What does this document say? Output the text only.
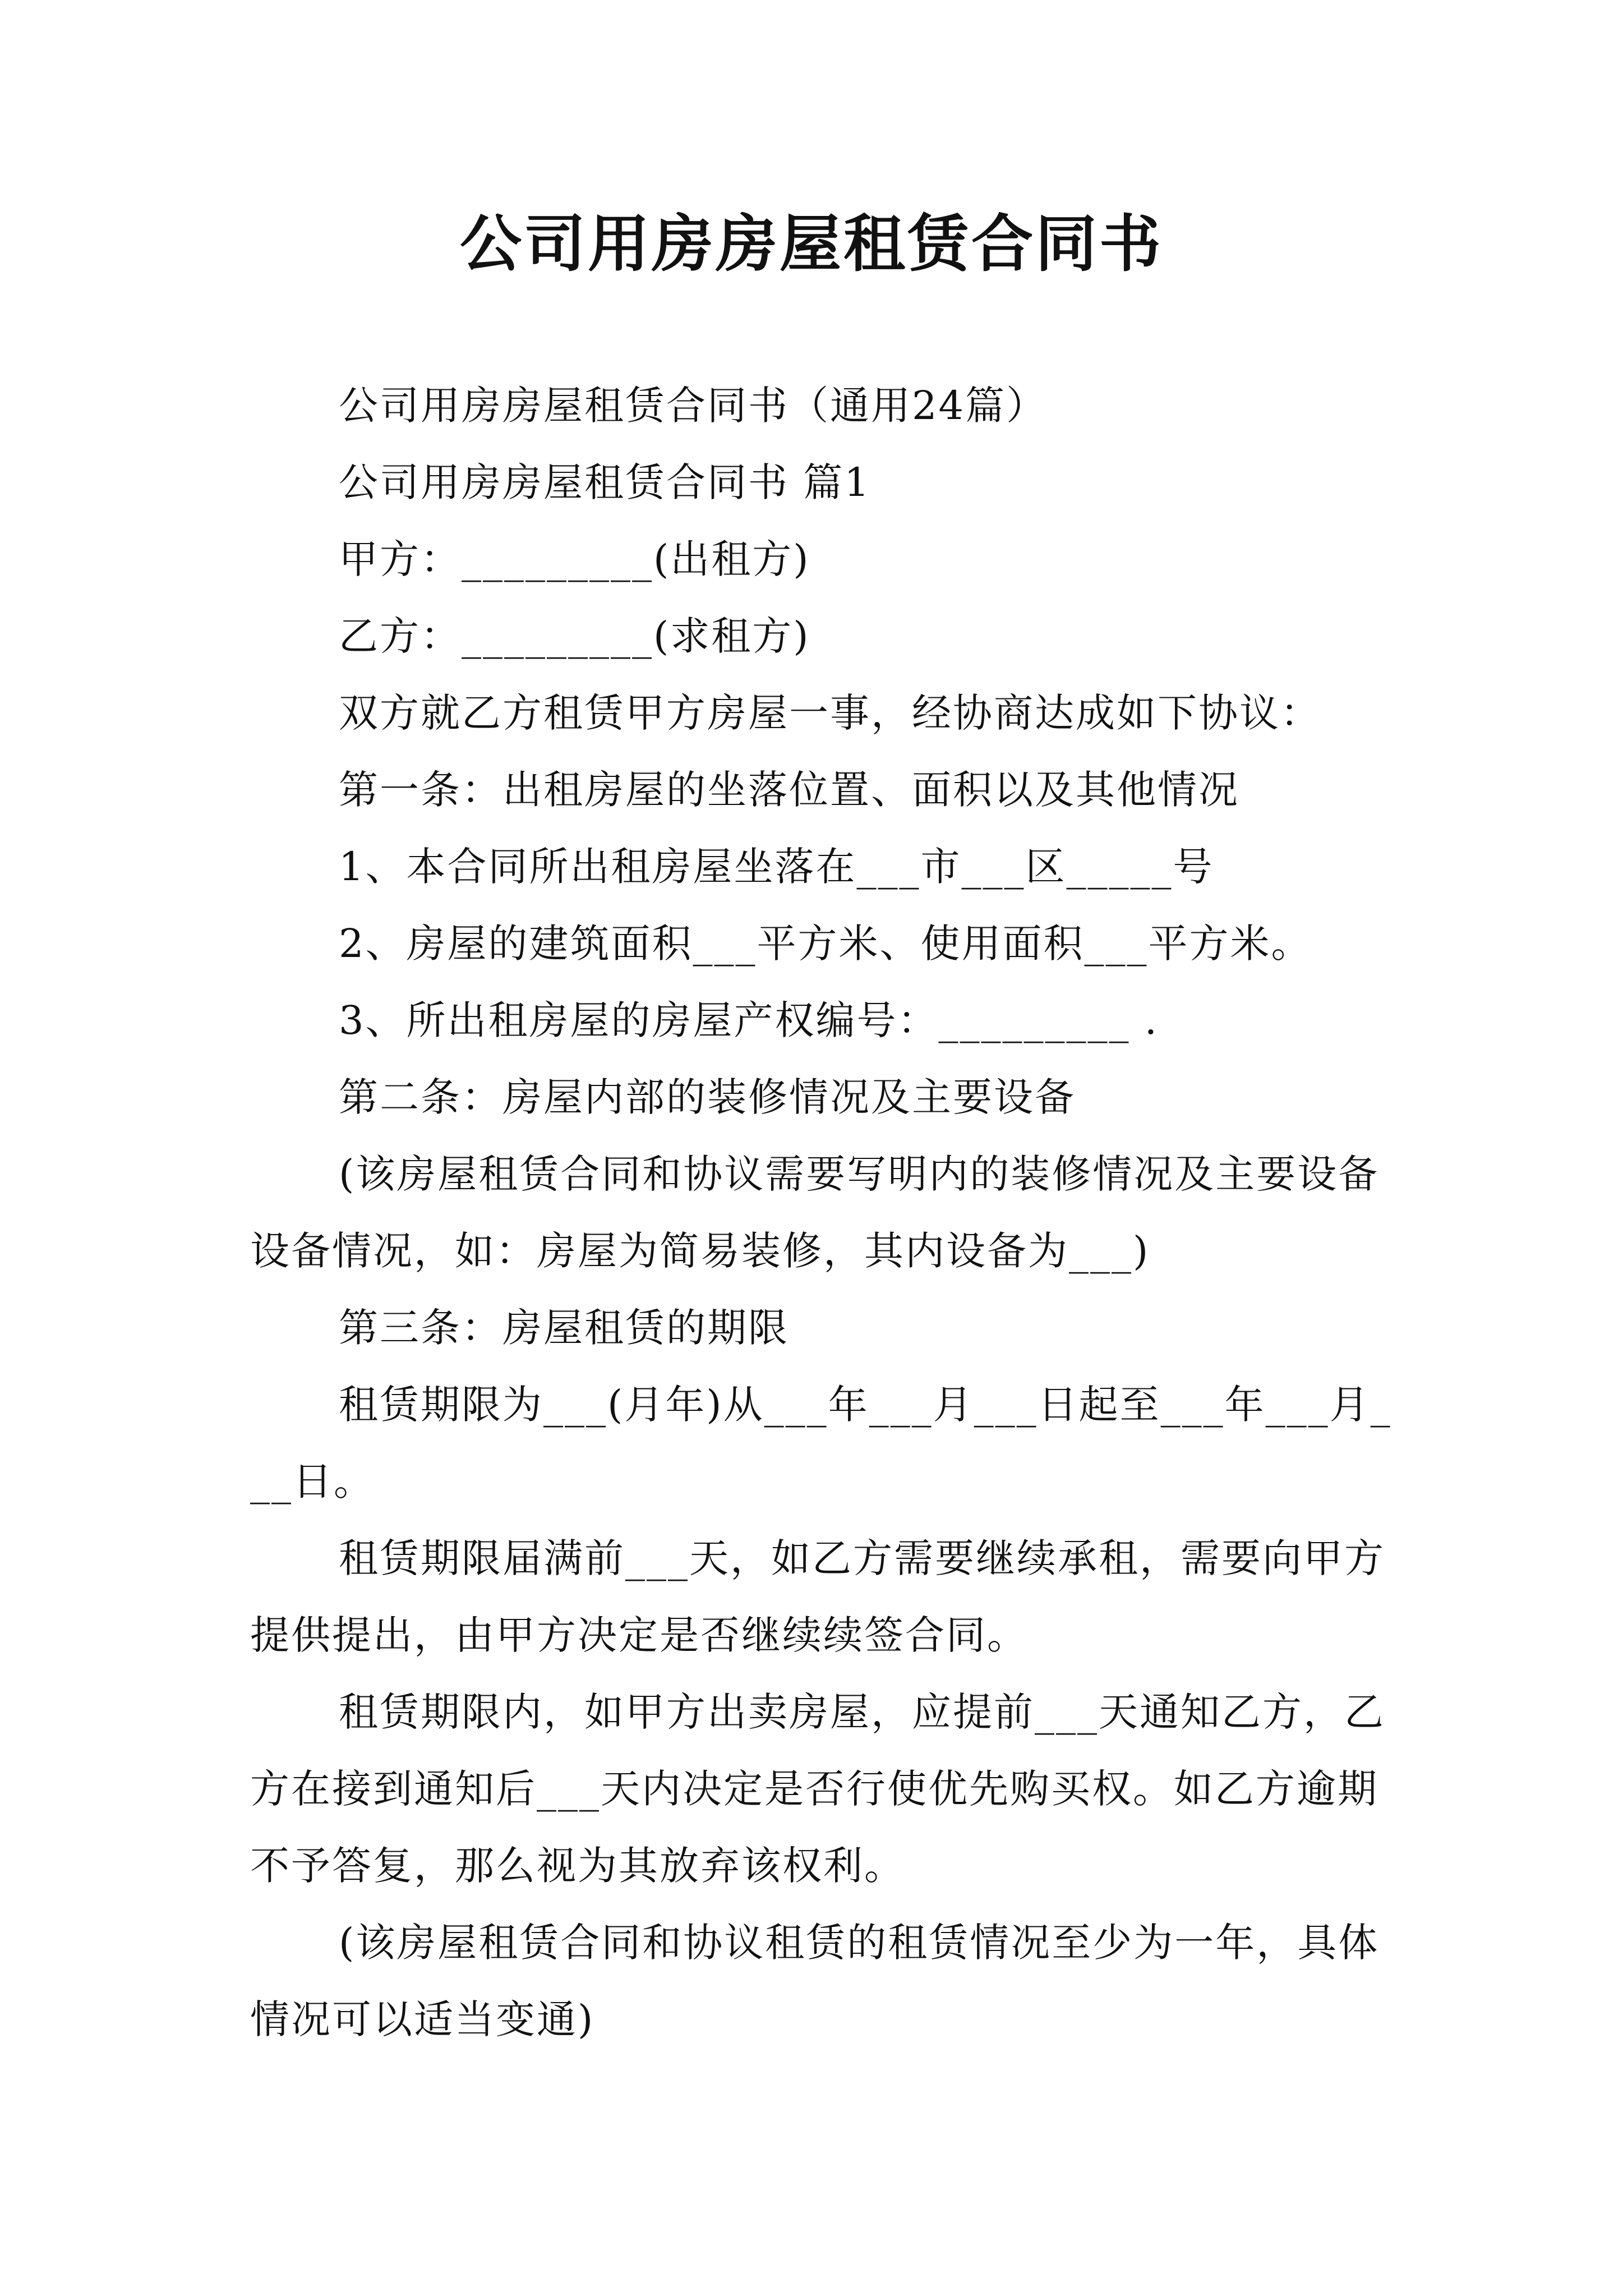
公司用房房屋租赁合同书

公司用房房屋租赁合同书（通用24篇）

公司用房房屋租赁合同书 篇1

甲方：_________(出租方)

乙方：_________(求租方)

双方就乙方租赁甲方房屋一事，经协商达成如下协议：

第一条：出租房屋的坐落位置、面积以及其他情况

1、本合同所出租房屋坐落在___市___区_____号

2、房屋的建筑面积___平方米、使用面积___平方米。

3、所出租房屋的房屋产权编号：_________ .

第二条：房屋内部的装修情况及主要设备

(该房屋租赁合同和协议需要写明内的装修情况及主要设备设备情况，如：房屋为简易装修，其内设备为___)

第三条：房屋租赁的期限

租赁期限为___(月年)从___年___月___日起至___年___月___日。

租赁期限届满前___天，如乙方需要继续承租，需要向甲方提供提出，由甲方决定是否继续续签合同。

租赁期限内，如甲方出卖房屋，应提前___天通知乙方，乙方在接到通知后___天内决定是否行使优先购买权。如乙方逾期不予答复，那么视为其放弃该权利。

(该房屋租赁合同和协议租赁的租赁情况至少为一年，具体情况可以适当变通)
